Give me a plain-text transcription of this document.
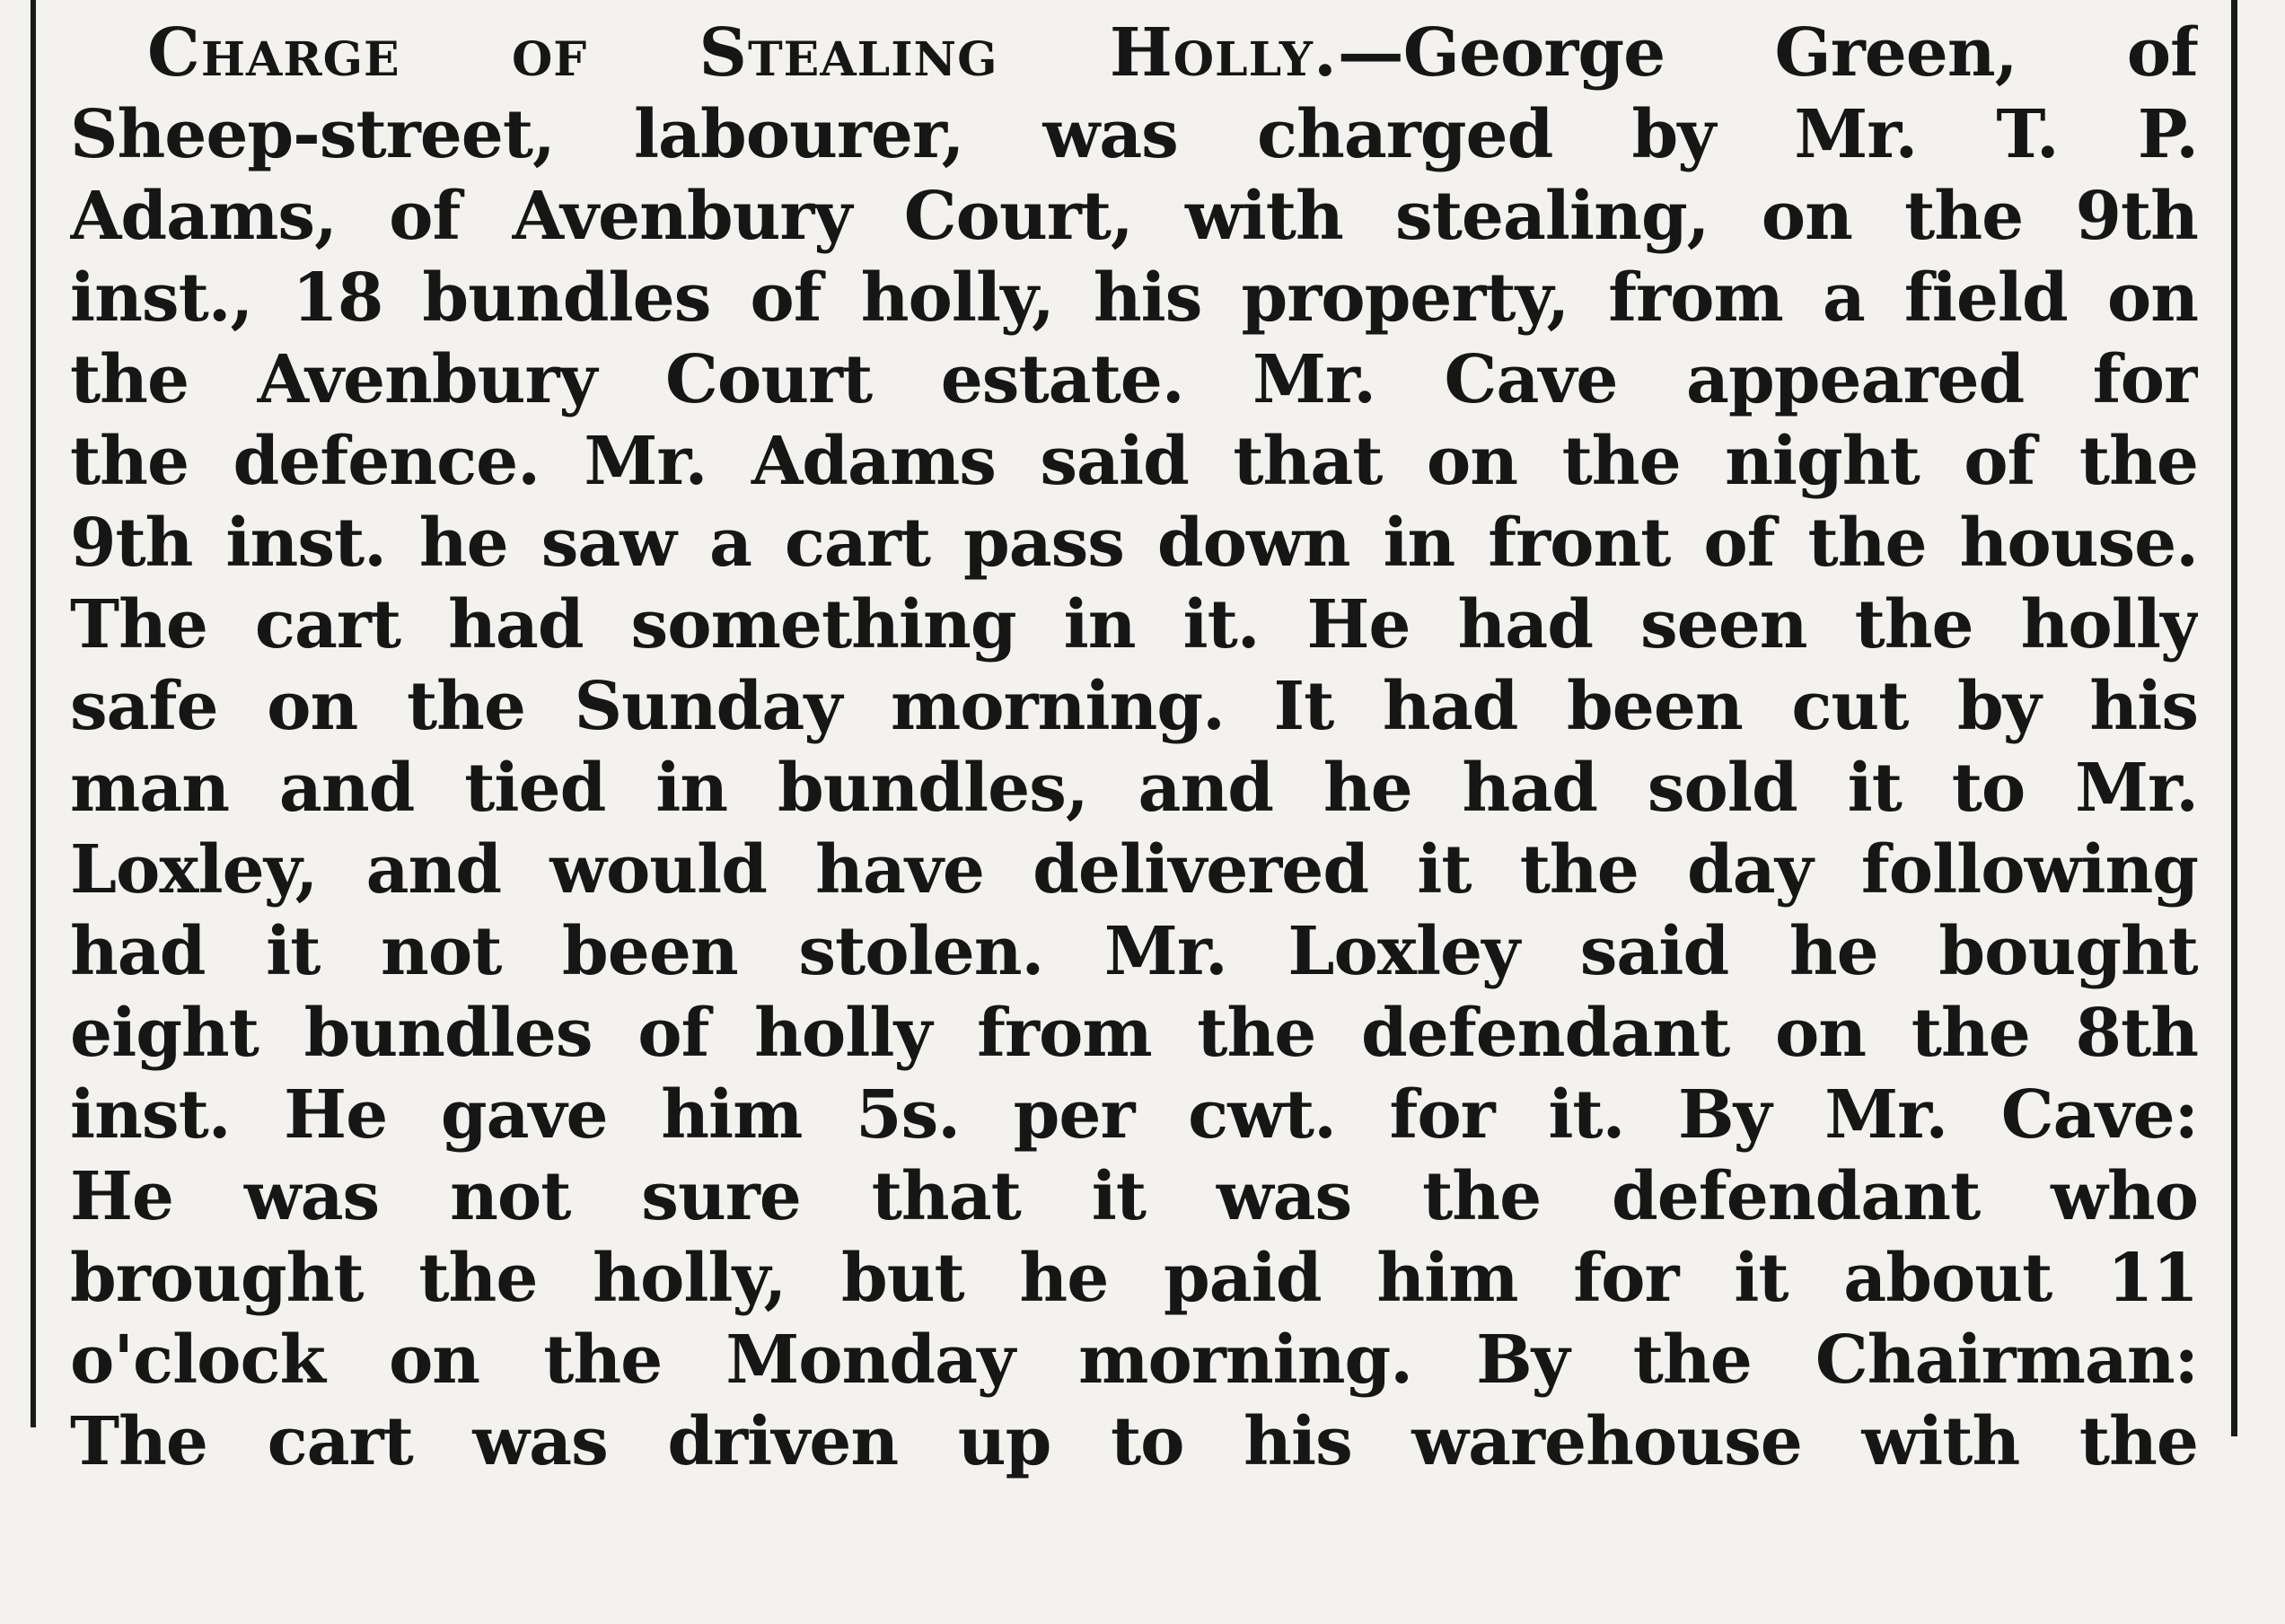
Charge of Stealing Holly.—George Green, of
Sheep-street, labourer, was charged by Mr. T. P.
Adams, of Avenbury Court, with stealing, on the 9th
inst., 18 bundles of holly, his property, from a field on
the Avenbury Court estate. Mr. Cave appeared for
the defence. Mr. Adams said that on the night of the
9th inst. he saw a cart pass down in front of the house.
The cart had something in it. He had seen the holly
safe on the Sunday morning. It had been cut by his
man and tied in bundles, and he had sold it to Mr.
Loxley, and would have delivered it the day following
had it not been stolen. Mr. Loxley said he bought
eight bundles of holly from the defendant on the 8th
inst. He gave him 5s. per cwt. for it. By Mr. Cave:
He was not sure that it was the defendant who
brought the holly, but he paid him for it about 11
o'clock on the Monday morning. By the Chairman:
The cart was driven up to his warehouse with the
